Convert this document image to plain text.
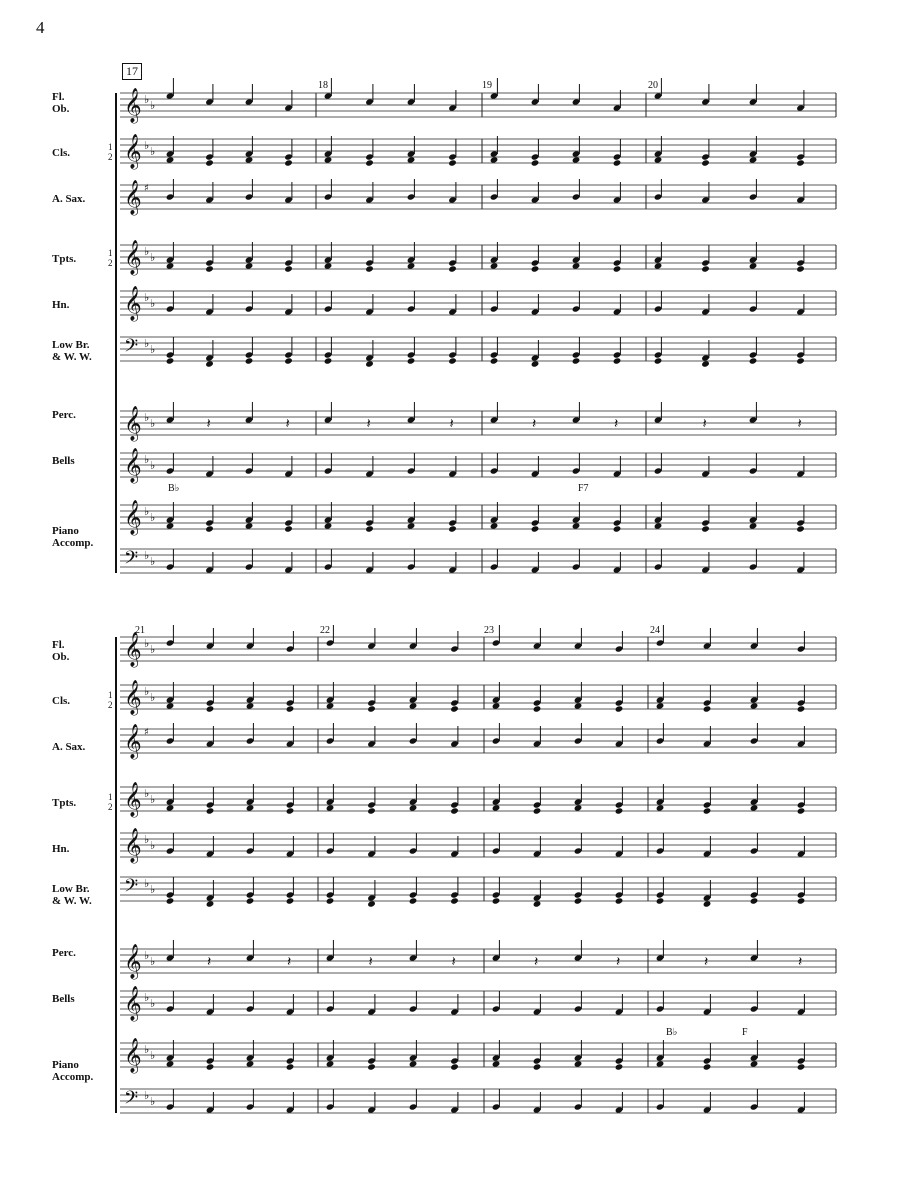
4
𝄞 ♭ ♭
𝄞 ♭ ♭
𝄞 ♯
𝄞 ♭ ♭
𝄞 ♭ ♭
𝄢 ♭ ♭
𝄞 ♭ ♭	𝄽	𝄽	𝄽	𝄽	𝄽	𝄽	𝄽	𝄽
𝄞 ♭ ♭
𝄞 ♭ ♭
𝄢 ♭ ♭
17
18	19	20
Fl.
Ob.
Cls.	1
2
A. Sax.
Tpts.	1
2
Hn.
Low Br.
& W. W.
Perc.
Bells
Piano
Accomp.
B♭	F7
𝄞 ♭ ♭
𝄞 ♭ ♭
𝄞 ♯
𝄞 ♭ ♭
𝄞 ♭ ♭
𝄢 ♭ ♭
𝄞 ♭ ♭	𝄽	𝄽	𝄽	𝄽	𝄽	𝄽	𝄽	𝄽
𝄞 ♭ ♭
𝄞 ♭ ♭
𝄢 ♭ ♭
21	22	23	24
Fl.
Ob.
Cls.	1
2
A. Sax.
Tpts.	1
2
Hn.
Low Br.
& W. W.
Perc.
Bells
Piano
Accomp.
B♭	F
